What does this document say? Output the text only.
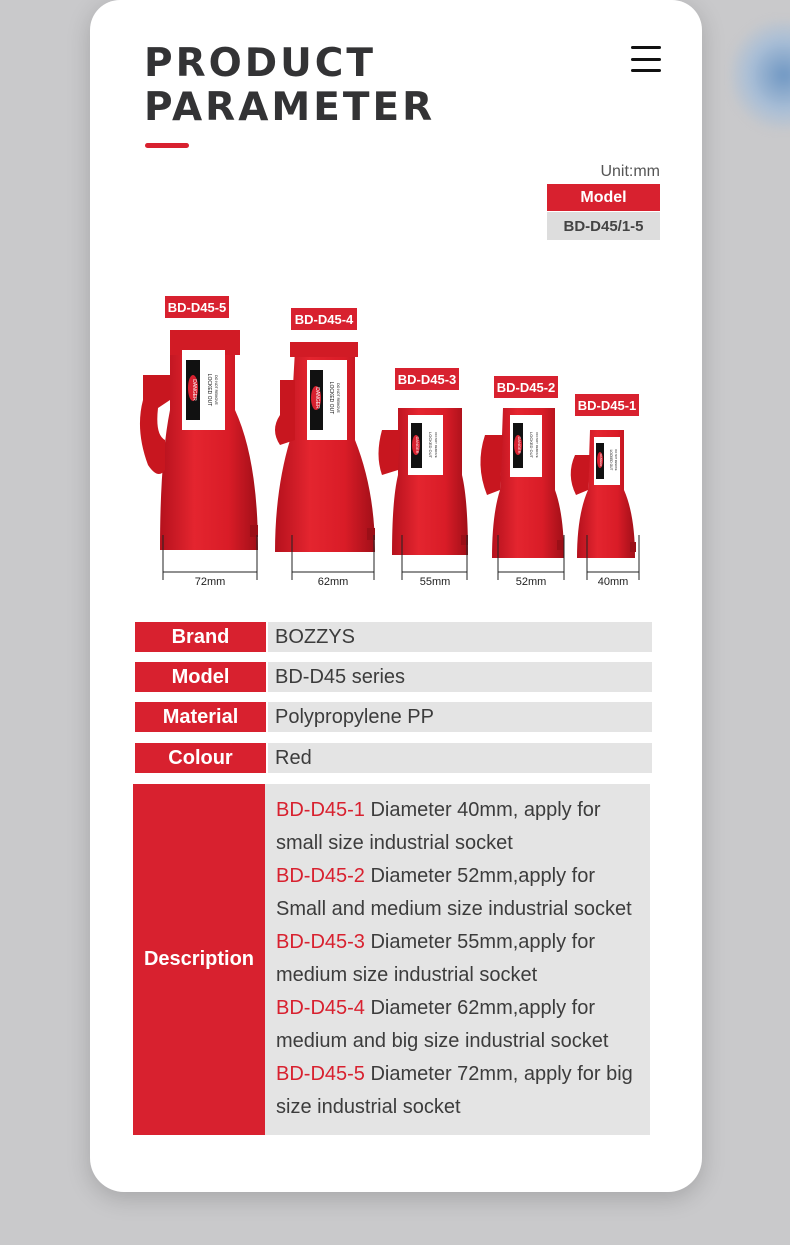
PRODUCT
PARAMETER
Unit:mm
Model
BD-D45/1-5
DANGER LOCKED OUT DO NOT REMOVE
BD-D45-5
DANGER LOCKED OUT DO NOT REMOVE
BD-D45-4
DANGER LOCKED OUT DO NOT REMOVE
BD-D45-3
DANGER LOCKED OUT DO NOT REMOVE
BD-D45-2
DANGER LOCKED OUT DO NOT REMOVE
BD-D45-1
72mm	62mm	55mm	52mm	40mm
Brand	BOZZYS
Model	BD-D45 series
Material	Polypropylene PP
Colour	Red
Description

BD-D45-1 Diameter 40mm, apply for

small size industrial socket

BD-D45-2 Diameter 52mm,apply for

Small and medium size industrial socket

BD-D45-3 Diameter 55mm,apply for

medium size industrial socket

BD-D45-4 Diameter 62mm,apply for

medium and big size industrial socket

BD-D45-5 Diameter 72mm, apply for big

size industrial socket
